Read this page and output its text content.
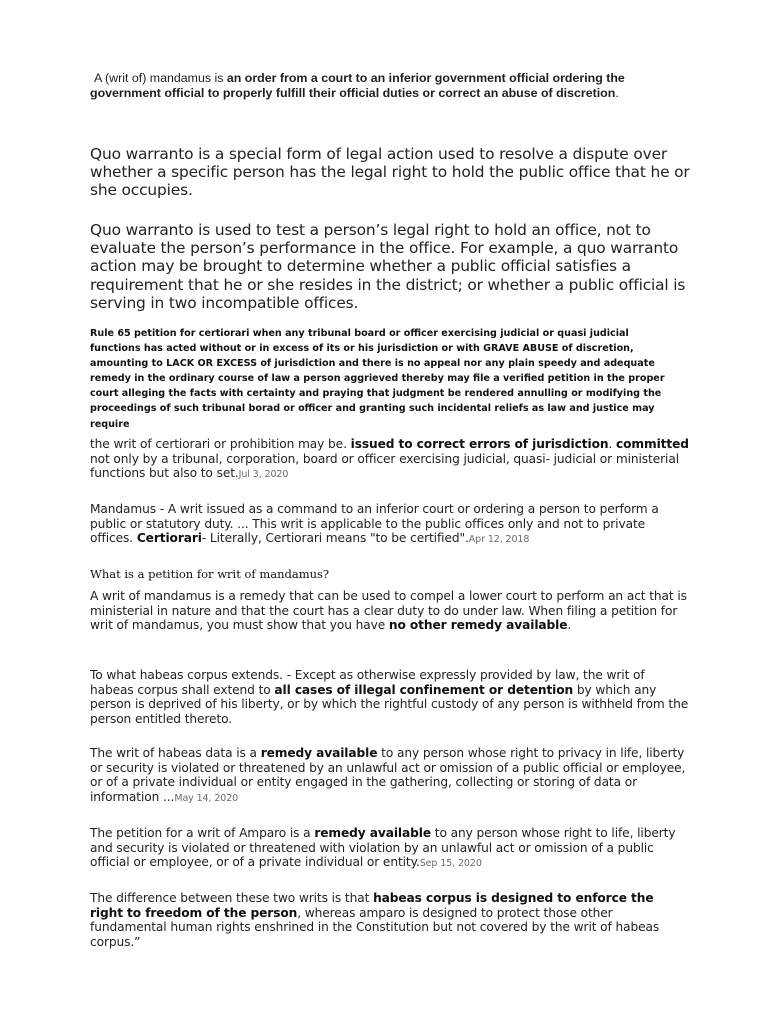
A (writ of) mandamus is an order from a court to an inferior government official ordering the government official to properly fulfill their official duties or correct an abuse of discretion.
Quo warranto is a special form of legal action used to resolve a dispute over whether a specific person has the legal right to hold the public office that he or she occupies.
Quo warranto is used to test a person’s legal right to hold an office, not to evaluate the person’s performance in the office. For example, a quo warranto action may be brought to determine whether a public official satisfies a requirement that he or she resides in the district; or whether a public official is serving in two incompatible offices.
Rule 65 petition for certiorari when any tribunal board or officer exercising judicial or quasi judicial functions has acted without or in excess of its or his jurisdiction or with GRAVE ABUSE of discretion, amounting to LACK OR EXCESS of jurisdiction and there is no appeal nor any plain speedy and adequate remedy in the ordinary course of law a person aggrieved thereby may file a verified petition in the proper court alleging the facts with certainty and praying that judgment be rendered annulling or modifying the proceedings of such tribunal borad or officer and granting such incidental reliefs as law and justice may require
the writ of certiorari or prohibition may be. issued to correct errors of jurisdiction. committed not only by a tribunal, corporation, board or officer exercising judicial, quasi- judicial or ministerial functions but also to set.Jul 3, 2020
Mandamus - A writ issued as a command to an inferior court or ordering a person to perform a public or statutory duty. ... This writ is applicable to the public offices only and not to private offices. Certiorari- Literally, Certiorari means "to be certified".Apr 12, 2018
What is a petition for writ of mandamus?
A writ of mandamus is a remedy that can be used to compel a lower court to perform an act that is ministerial in nature and that the court has a clear duty to do under law. When filing a petition for writ of mandamus, you must show that you have no other remedy available.
To what habeas corpus extends. - Except as otherwise expressly provided by law, the writ of habeas corpus shall extend to all cases of illegal confinement or detention by which any person is deprived of his liberty, or by which the rightful custody of any person is withheld from the person entitled thereto.
The writ of habeas data is a remedy available to any person whose right to privacy in life, liberty or security is violated or threatened by an unlawful act or omission of a public official or employee, or of a private individual or entity engaged in the gathering, collecting or storing of data or information ...May 14, 2020
The petition for a writ of Amparo is a remedy available to any person whose right to life, liberty and security is violated or threatened with violation by an unlawful act or omission of a public official or employee, or of a private individual or entity.Sep 15, 2020
The difference between these two writs is that habeas corpus is designed to enforce the right to freedom of the person, whereas amparo is designed to protect those other fundamental human rights enshrined in the Constitution but not covered by the writ of habeas corpus.”
